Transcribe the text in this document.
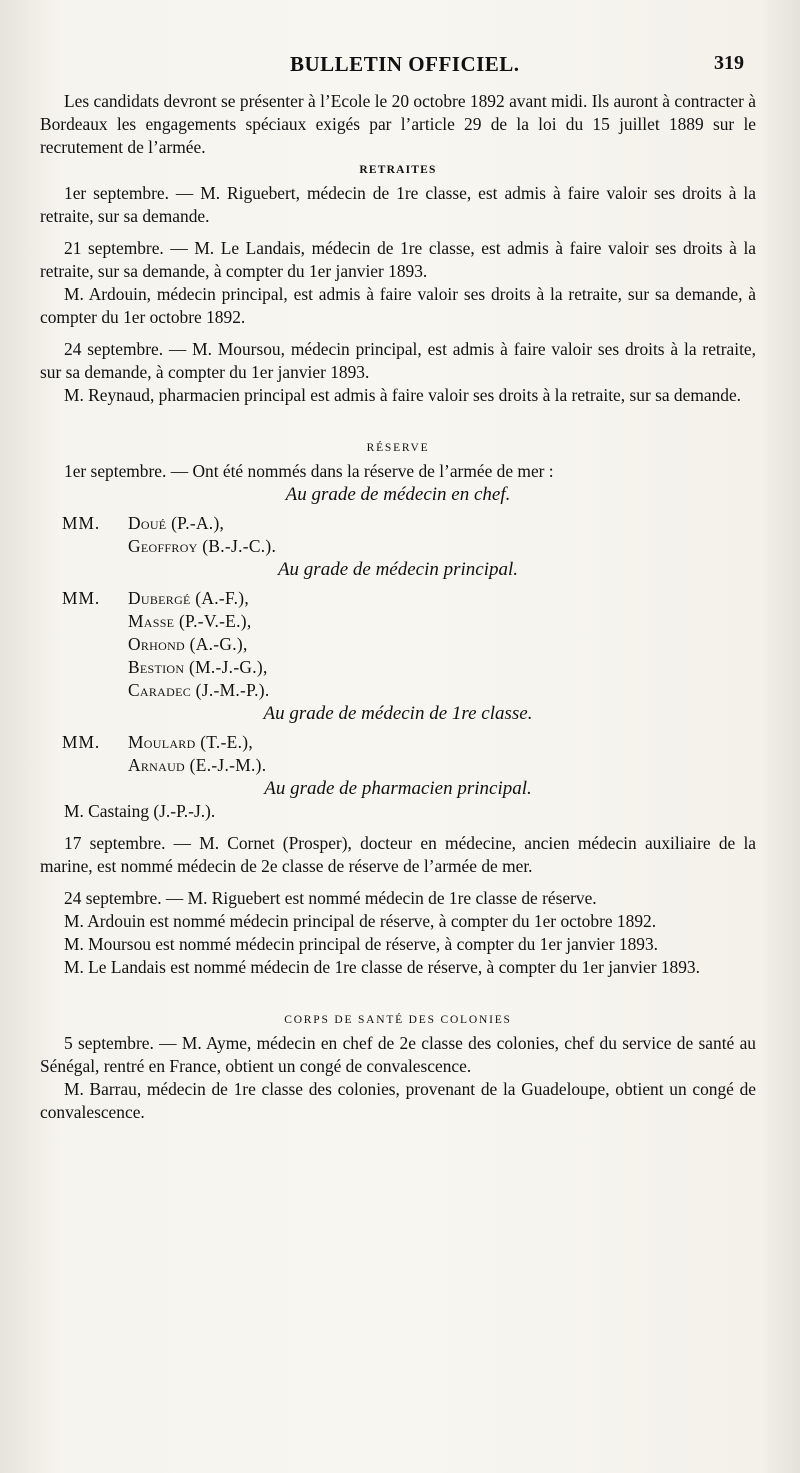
BULLETIN OFFICIEL.	319

Les candidats devront se présenter à l’Ecole le 20 octobre 1892 avant midi. Ils auront à contracter à Bordeaux les engagements spéciaux exigés par l’article 29 de la loi du 15 juillet 1889 sur le recrutement de l’armée.

RETRAITES

1er septembre. — M. Riguebert, médecin de 1re classe, est admis à faire valoir ses droits à la retraite, sur sa demande.

21 septembre. — M. Le Landais, médecin de 1re classe, est admis à faire valoir ses droits à la retraite, sur sa demande, à compter du 1er janvier 1893.

M. Ardouin, médecin principal, est admis à faire valoir ses droits à la retraite, sur sa demande, à compter du 1er octobre 1892.

24 septembre. — M. Moursou, médecin principal, est admis à faire valoir ses droits à la retraite, sur sa demande, à compter du 1er janvier 1893.

M. Reynaud, pharmacien principal est admis à faire valoir ses droits à la retraite, sur sa demande.

RÉSERVE

1er septembre. — Ont été nommés dans la réserve de l’armée de mer :

Au grade de médecin en chef.

MM.	Doué (P.-A.),
Geoffroy (B.-J.-C.).

Au grade de médecin principal.

MM.	Dubergé (A.-F.),
Masse (P.-V.-E.),
Orhond (A.-G.),
Bestion (M.-J.-G.),
Caradec (J.-M.-P.).

Au grade de médecin de 1re classe.

MM.	Moulard (T.-E.),
Arnaud (E.-J.-M.).

Au grade de pharmacien principal.

M. Castaing (J.-P.-J.).

17 septembre. — M. Cornet (Prosper), docteur en médecine, ancien médecin auxiliaire de la marine, est nommé médecin de 2e classe de réserve de l’armée de mer.

24 septembre. — M. Riguebert est nommé médecin de 1re classe de réserve.

M. Ardouin est nommé médecin principal de réserve, à compter du 1er octobre 1892.

M. Moursou est nommé médecin principal de réserve, à compter du 1er janvier 1893.

M. Le Landais est nommé médecin de 1re classe de réserve, à compter du 1er janvier 1893.

CORPS DE SANTÉ DES COLONIES

5 septembre. — M. Ayme, médecin en chef de 2e classe des colonies, chef du service de santé au Sénégal, rentré en France, obtient un congé de convalescence.

M. Barrau, médecin de 1re classe des colonies, provenant de la Guadeloupe, obtient un congé de convalescence.
